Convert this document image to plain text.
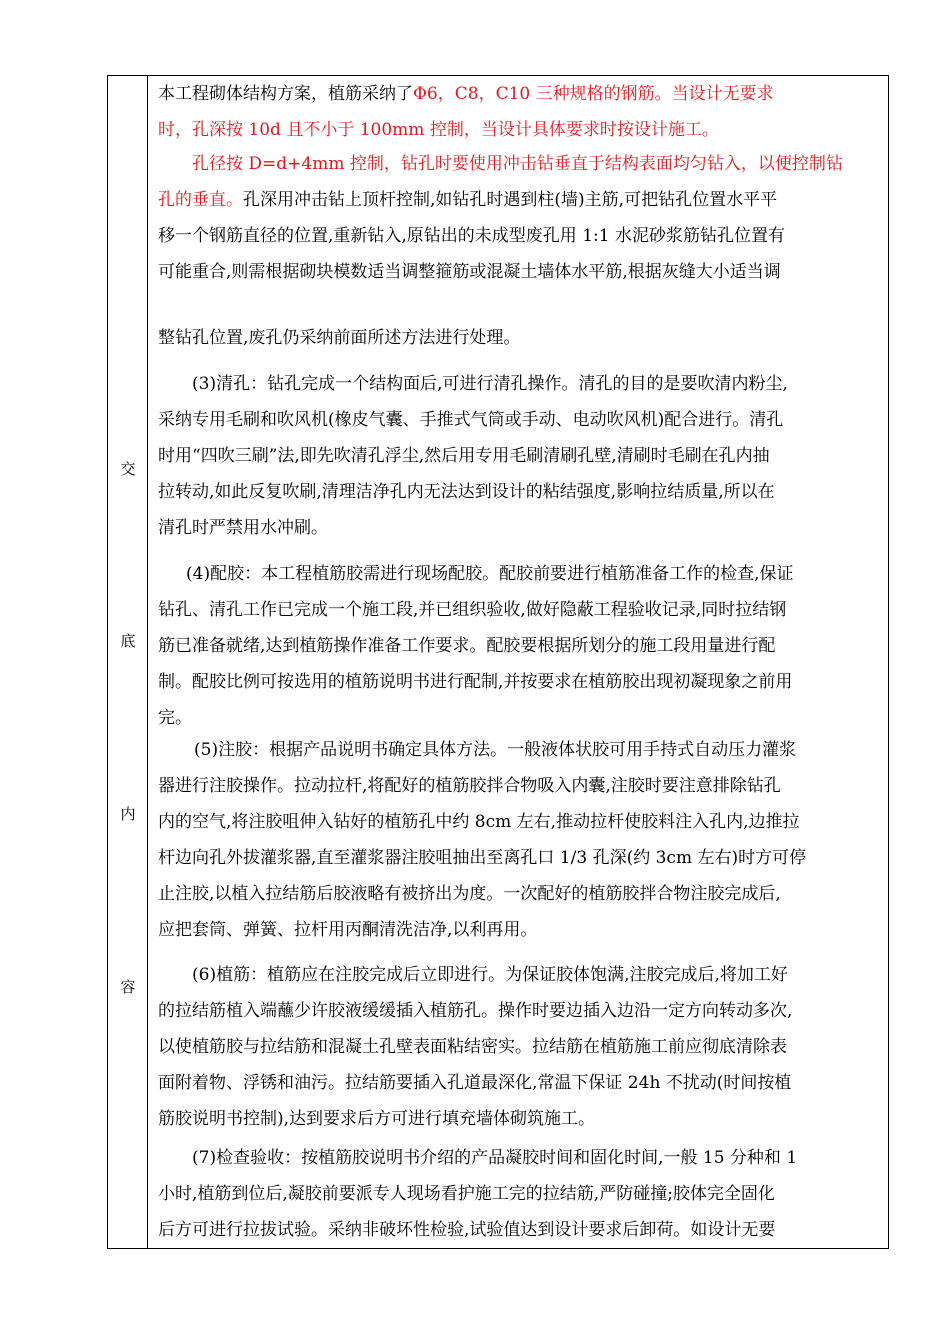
交
底
内
容
本工程砌体结构方案，植筋采纳了Φ6，C8，C10 三种规格的钢筋。当设计无要求
时，孔深按 10d 且不小于 100mm 控制，当设计具体要求时按设计施工。
孔径按 D=d+4mm 控制，钻孔时要使用冲击钻垂直于结构表面均匀钻入，以便控制钻
孔的垂直。孔深用冲击钻上顶杆控制,如钻孔时遇到柱(墙)主筋,可把钻孔位置水平平
移一个钢筋直径的位置,重新钻入,原钻出的未成型废孔用 1:1 水泥砂浆筋钻孔位置有
可能重合,则需根据砌块模数适当调整箍筋或混凝土墙体水平筋,根据灰缝大小适当调
整钻孔位置,废孔仍采纳前面所述方法进行处理。
(3)清孔：钻孔完成一个结构面后,可进行清孔操作。清孔的目的是要吹清内粉尘,
采纳专用毛刷和吹风机(橡皮气囊、手推式气筒或手动、电动吹风机)配合进行。清孔
时用“四吹三刷”法,即先吹清孔浮尘,然后用专用毛刷清刷孔壁,清刷时毛刷在孔内抽
拉转动,如此反复吹刷,清理洁净孔内无法达到设计的粘结强度,影响拉结质量,所以在
清孔时严禁用水冲刷。
(4)配胶：本工程植筋胶需进行现场配胶。配胶前要进行植筋准备工作的检查,保证
钻孔、清孔工作已完成一个施工段,并已组织验收,做好隐蔽工程验收记录,同时拉结钢
筋已准备就绪,达到植筋操作准备工作要求。配胶要根据所划分的施工段用量进行配
制。配胶比例可按选用的植筋说明书进行配制,并按要求在植筋胶出现初凝现象之前用
完。
(5)注胶：根据产品说明书确定具体方法。一般液体状胶可用手持式自动压力灌浆
器进行注胶操作。拉动拉杆,将配好的植筋胶拌合物吸入内囊,注胶时要注意排除钻孔
内的空气,将注胶咀伸入钻好的植筋孔中约 8cm 左右,推动拉杆使胶料注入孔内,边推拉
杆边向孔外拔灌浆器,直至灌浆器注胶咀抽出至离孔口 1/3 孔深(约 3cm 左右)时方可停
止注胶,以植入拉结筋后胶液略有被挤出为度。一次配好的植筋胶拌合物注胶完成后,
应把套筒、弹簧、拉杆用丙酮清洗洁净,以利再用。
(6)植筋：植筋应在注胶完成后立即进行。为保证胶体饱满,注胶完成后,将加工好
的拉结筋植入端蘸少许胶液缓缓插入植筋孔。操作时要边插入边沿一定方向转动多次,
以使植筋胶与拉结筋和混凝土孔壁表面粘结密实。拉结筋在植筋施工前应彻底清除表
面附着物、浮锈和油污。拉结筋要插入孔道最深化,常温下保证 24h 不扰动(时间按植
筋胶说明书控制),达到要求后方可进行填充墙体砌筑施工。
(7)检查验收：按植筋胶说明书介绍的产品凝胶时间和固化时间,一般 15 分种和 1
小时,植筋到位后,凝胶前要派专人现场看护施工完的拉结筋,严防碰撞;胶体完全固化
后方可进行拉拔试验。采纳非破坏性检验,试验值达到设计要求后卸荷。如设计无要
